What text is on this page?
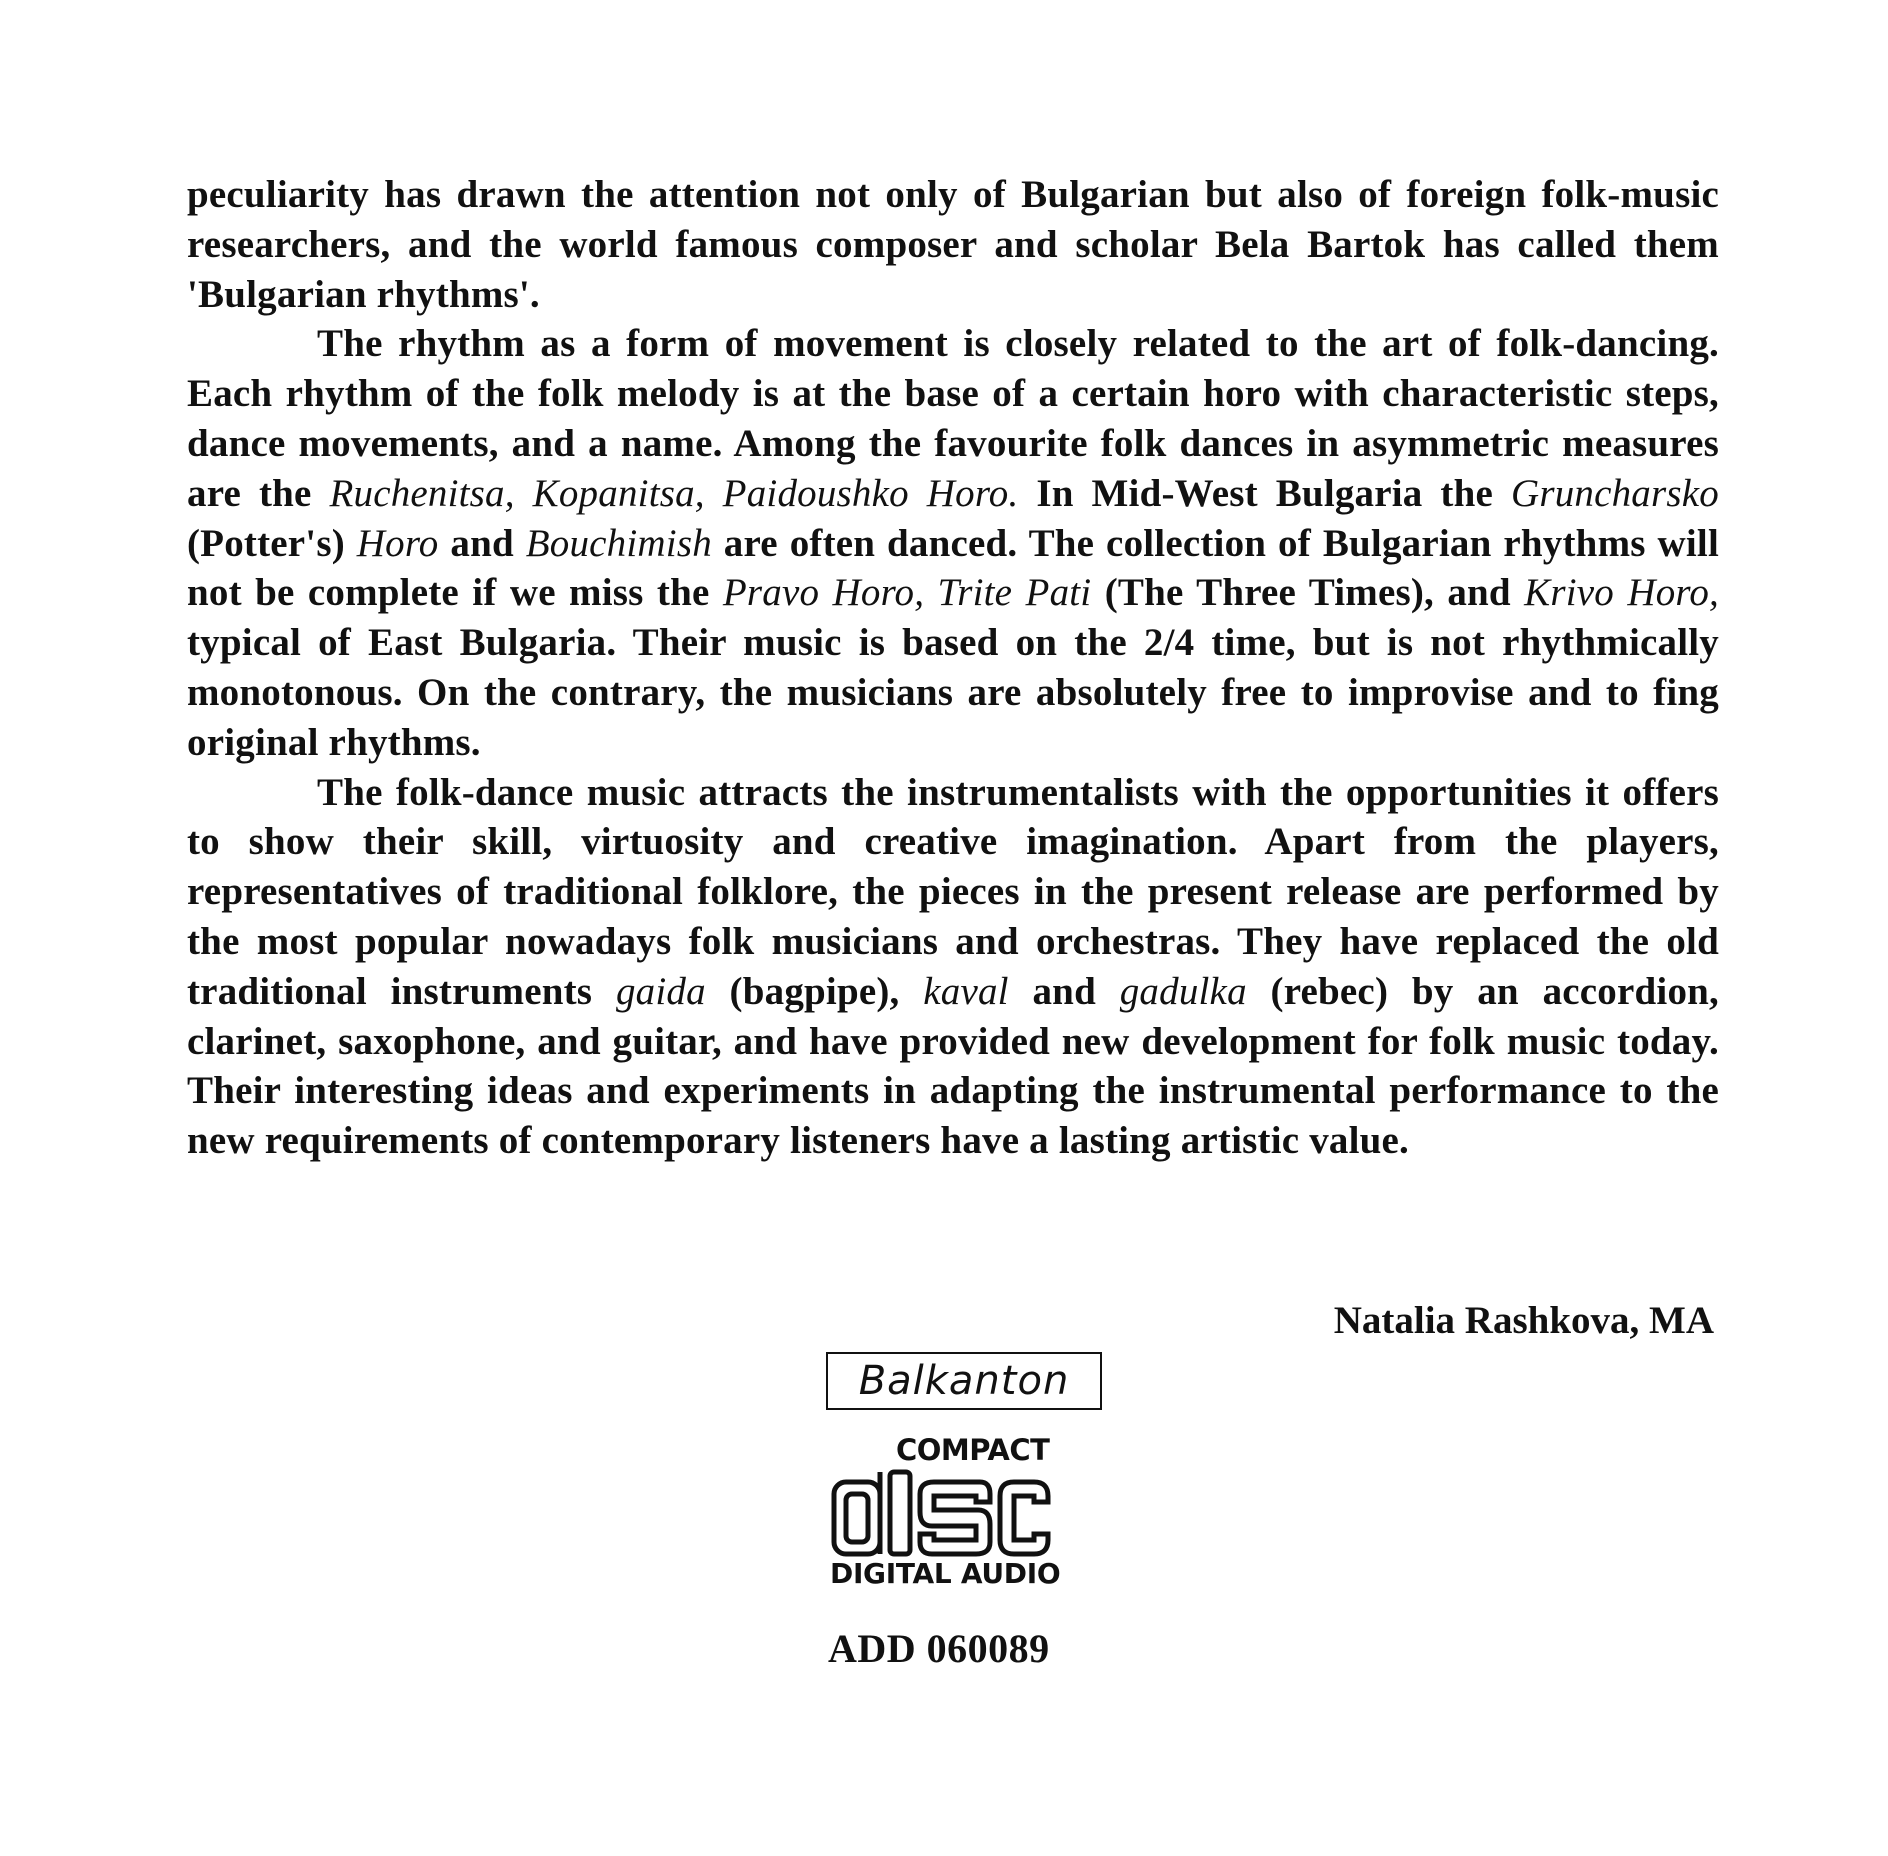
peculiarity has drawn the attention not only of Bulgarian but also of foreign folk-music researchers, and the world famous composer and scholar Bela Bartok has called them 'Bulgarian rhythms'.

The rhythm as a form of movement is closely related to the art of folk-dancing. Each rhythm of the folk melody is at the base of a certain horo with characteristic steps, dance movements, and a name. Among the favourite folk dances in asymmetric measures are the Ruchenitsa, Kopanitsa, Paidoushko Horo. In Mid-West Bulgaria the Gruncharsko (Potter's) Horo and Bouchimish are often danced. The collection of Bulgarian rhythms will not be complete if we miss the Pravo Horo, Trite Pati (The Three Times), and Krivo Horo, typical of East Bulgaria. Their music is based on the 2/4 time, but is not rhythmically monotonous. On the contrary, the musicians are absolutely free to improvise and to fing original rhythms.

The folk-dance music attracts the instrumentalists with the opportunities it offers to show their skill, virtuosity and creative imagination. Apart from the players, representatives of traditional folklore, the pieces in the present release are performed by the most popular nowadays folk musicians and orchestras. They have replaced the old traditional instruments gaida (bagpipe), kaval and gadulka (rebec) by an accordion, clarinet, saxophone, and guitar, and have provided new development for folk music today. Their interesting ideas and experiments in adapting the instrumental performance to the new requirements of contemporary listeners have a lasting artistic value.

Natalia Rashkova, MA
Balkanton
COMPACT
DIGITAL AUDIO
ADD 060089
